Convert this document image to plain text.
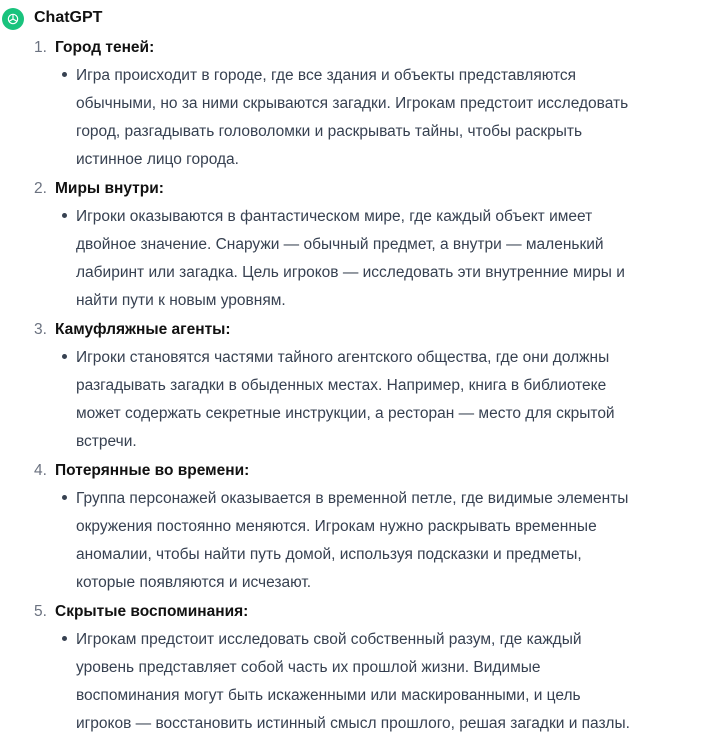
ChatGPT
1. Город теней:
Игра происходит в городе, где все здания и объекты представляются
обычными, но за ними скрываются загадки. Игрокам предстоит исследовать
город, разгадывать головоломки и раскрывать тайны, чтобы раскрыть
истинное лицо города.
2. Миры внутри:
Игроки оказываются в фантастическом мире, где каждый объект имеет
двойное значение. Снаружи — обычный предмет, а внутри — маленький
лабиринт или загадка. Цель игроков — исследовать эти внутренние миры и
найти пути к новым уровням.
3. Камуфляжные агенты:
Игроки становятся частями тайного агентского общества, где они должны
разгадывать загадки в обыденных местах. Например, книга в библиотеке
может содержать секретные инструкции, а ресторан — место для скрытой
встречи.
4. Потерянные во времени:
Группа персонажей оказывается в временной петле, где видимые элементы
окружения постоянно меняются. Игрокам нужно раскрывать временные
аномалии, чтобы найти путь домой, используя подсказки и предметы,
которые появляются и исчезают.
5. Скрытые воспоминания:
Игрокам предстоит исследовать свой собственный разум, где каждый
уровень представляет собой часть их прошлой жизни. Видимые
воспоминания могут быть искаженными или маскированными, и цель
игроков — восстановить истинный смысл прошлого, решая загадки и пазлы.
